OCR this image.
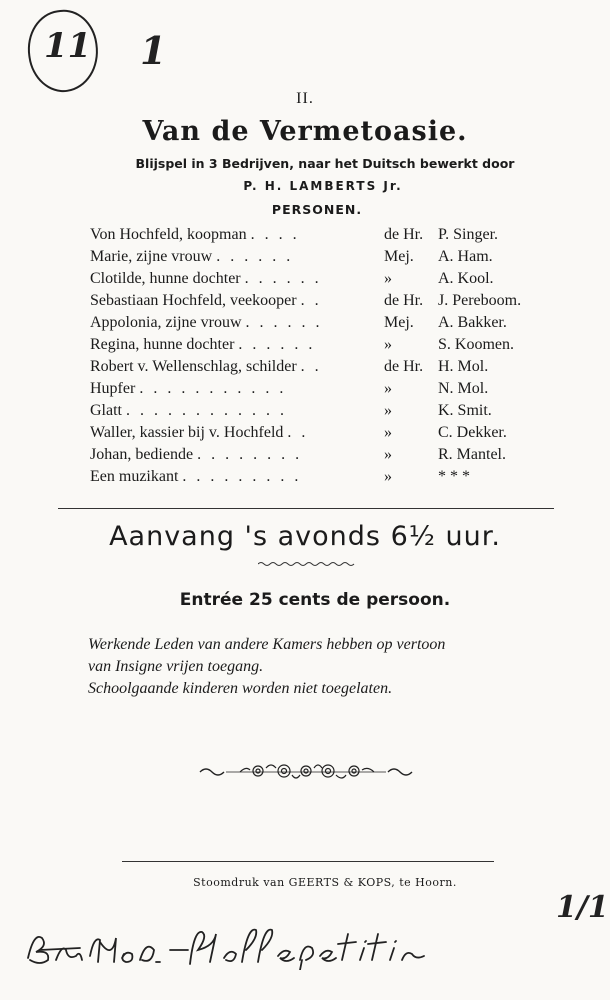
11 1
II.
Van de Vermetoasie.
Blijspel in 3 Bedrijven, naar het Duitsch bewerkt door
P. H. LAMBERTS Jr.
PERSONEN.
Von Hochfeld, koopman . . . .	de Hr. P. Singer.
Marie, zijne vrouw . . . . . .	Mej.	A. Ham.
Clotilde, hunne dochter . . . . . .	»	A. Kool.
Sebastiaan Hochfeld, veekooper . .	de Hr. J. Pereboom.
Appolonia, zijne vrouw . . . . . .	Mej.	A. Bakker.
Regina, hunne dochter . . . . . .	»	S. Koomen.
Robert v. Wellenschlag, schilder . .	de Hr. H. Mol.
Hupfer . . . . . . . . . . .	»	N. Mol.
Glatt . . . . . . . . . . . .	»	K. Smit.
Waller, kassier bij v. Hochfeld . .	»	C. Dekker.
Johan, bediende . . . . . . . .	»	R. Mantel.
Een muzikant . . . . . . . . .	»	* * *
Aanvang 's avonds 6½ uur.
Entrée 25 cents de persoon.
Werkende Leden van andere Kamers hebben op vertoon
van Insigne vrijen toegang.
Schoolgaande kinderen worden niet toegelaten.
Stoomdruk van GEERTS & KOPS, te Hoorn.
1/1
